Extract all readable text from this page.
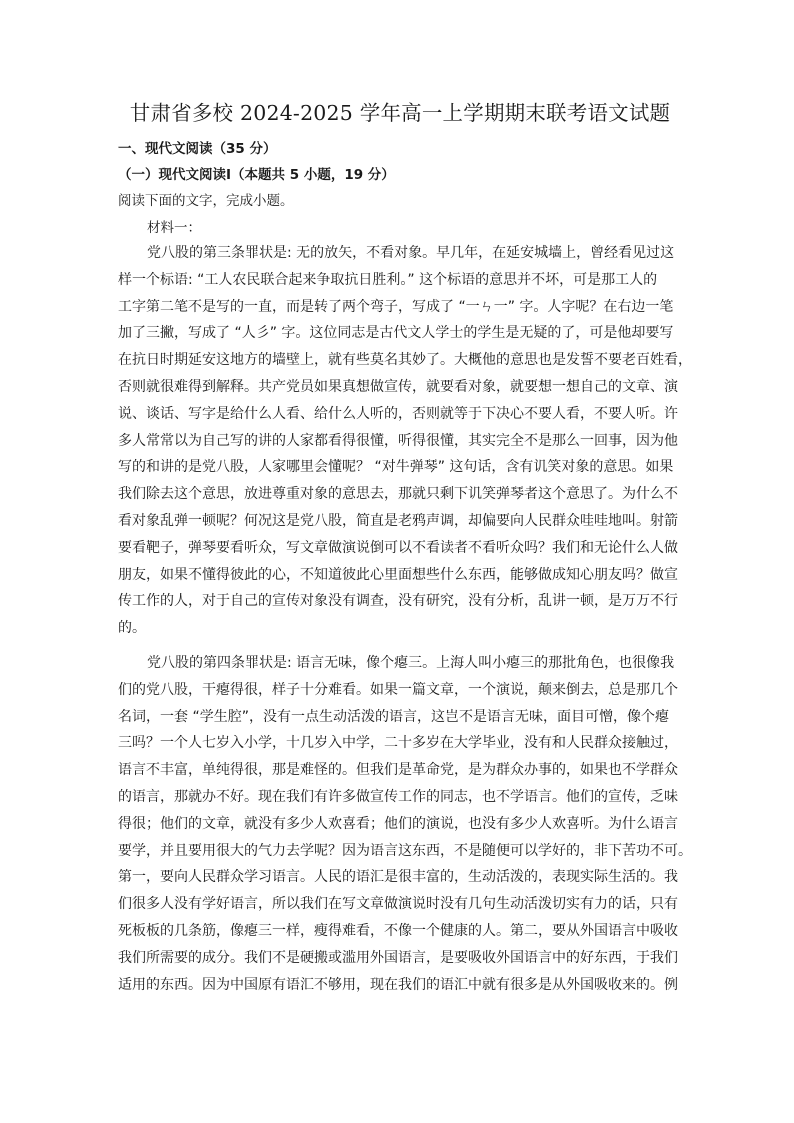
甘肃省多校 2024-2025 学年高一上学期期末联考语文试题
一、现代文阅读（35 分）
（一）现代文阅读Ⅰ（本题共 5 小题，19 分）
阅读下面的文字，完成小题。
材料一：
党八股的第三条罪状是: 无的放矢，不看对象。早几年，在延安城墙上，曾经看见过这
样一个标语: “工人农民联合起来争取抗日胜利。” 这个标语的意思并不坏，可是那工人的
工字第二笔不是写的一直，而是转了两个弯子，写成了 “⼀ㄣ一” 字。人字呢？在右边一笔
加了三撇，写成了 “人彡” 字。这位同志是古代文人学士的学生是无疑的了，可是他却要写
在抗日时期延安这地方的墙壁上，就有些莫名其妙了。大概他的意思也是发誓不要老百姓看，
否则就很难得到解释。共产党员如果真想做宣传，就要看对象，就要想一想自己的文章、演
说、谈话、写字是给什么人看、给什么人听的，否则就等于下决心不要人看，不要人听。许
多人常常以为自己写的讲的人家都看得很懂，听得很懂，其实完全不是那么一回事，因为他
写的和讲的是党八股，人家哪里会懂呢？ “对牛弹琴” 这句话，含有讥笑对象的意思。如果
我们除去这个意思，放进尊重对象的意思去，那就只剩下讥笑弹琴者这个意思了。为什么不
看对象乱弹一顿呢？何况这是党八股，简直是老鸦声调，却偏要向人民群众哇哇地叫。射箭
要看靶子，弹琴要看听众，写文章做演说倒可以不看读者不看听众吗？我们和无论什么人做
朋友，如果不懂得彼此的心，不知道彼此心里面想些什么东西，能够做成知心朋友吗？做宣
传工作的人，对于自己的宣传对象没有调查，没有研究，没有分析，乱讲一顿，是万万不行
的。
党八股的第四条罪状是: 语言无味，像个瘪三。上海人叫小瘪三的那批角色，也很像我
们的党八股，干瘪得很，样子十分难看。如果一篇文章，一个演说，颠来倒去，总是那几个
名词，一套 “学生腔”，没有一点生动活泼的语言，这岂不是语言无味，面目可憎，像个瘪
三吗？一个人七岁入小学，十几岁入中学，二十多岁在大学毕业，没有和人民群众接触过，
语言不丰富，单纯得很，那是难怪的。但我们是革命党，是为群众办事的，如果也不学群众
的语言，那就办不好。现在我们有许多做宣传工作的同志，也不学语言。他们的宣传，乏味
得很；他们的文章，就没有多少人欢喜看；他们的演说，也没有多少人欢喜听。为什么语言
要学，并且要用很大的气力去学呢？因为语言这东西，不是随便可以学好的，非下苦功不可。
第一，要向人民群众学习语言。人民的语汇是很丰富的，生动活泼的，表现实际生活的。我
们很多人没有学好语言，所以我们在写文章做演说时没有几句生动活泼切实有力的话，只有
死板板的几条筋，像瘪三一样，瘦得难看，不像一个健康的人。第二，要从外国语言中吸收
我们所需要的成分。我们不是硬搬或滥用外国语言，是要吸收外国语言中的好东西，于我们
适用的东西。因为中国原有语汇不够用，现在我们的语汇中就有很多是从外国吸收来的。例
